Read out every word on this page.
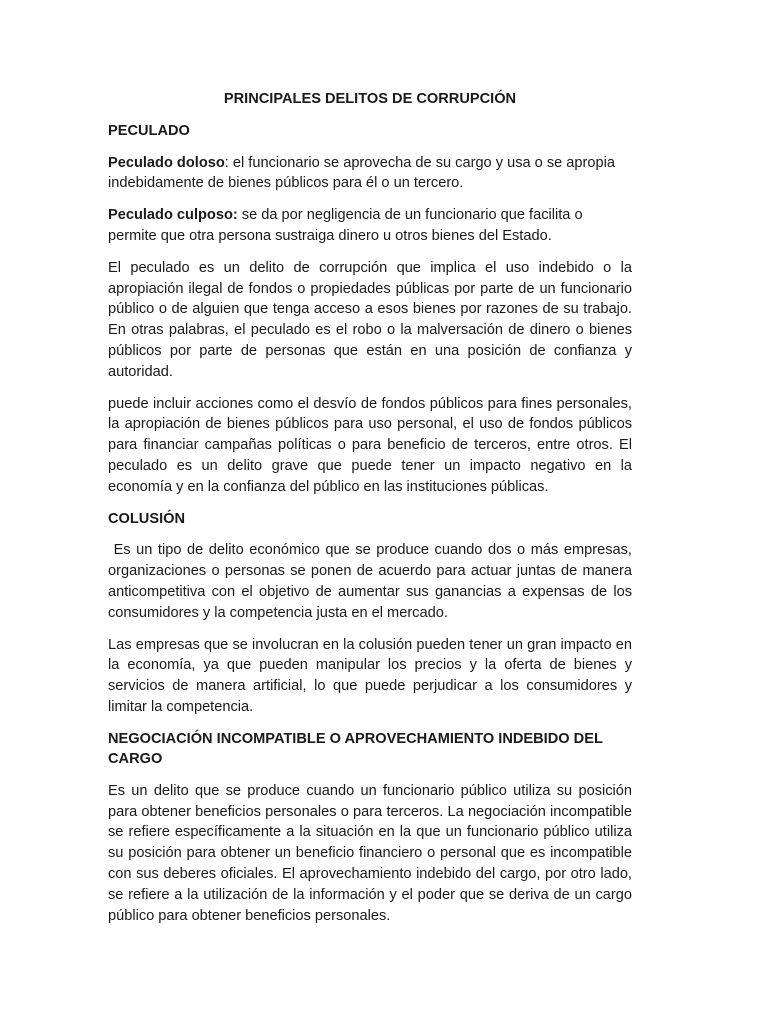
PRINCIPALES DELITOS DE CORRUPCIÓN
PECULADO

Peculado doloso: el funcionario se aprovecha de su cargo y usa o se apropia indebidamente de bienes públicos para él o un tercero.

Peculado culposo: se da por negligencia de un funcionario que facilita o permite que otra persona sustraiga dinero u otros bienes del Estado.

El peculado es un delito de corrupción que implica el uso indebido o la apropiación ilegal de fondos o propiedades públicas por parte de un funcionario público o de alguien que tenga acceso a esos bienes por razones de su trabajo. En otras palabras, el peculado es el robo o la malversación de dinero o bienes públicos por parte de personas que están en una posición de confianza y autoridad.

puede incluir acciones como el desvío de fondos públicos para fines personales, la apropiación de bienes públicos para uso personal, el uso de fondos públicos para financiar campañas políticas o para beneficio de terceros, entre otros. El peculado es un delito grave que puede tener un impacto negativo en la economía y en la confianza del público en las instituciones públicas.

COLUSIÓN

Es un tipo de delito económico que se produce cuando dos o más empresas, organizaciones o personas se ponen de acuerdo para actuar juntas de manera anticompetitiva con el objetivo de aumentar sus ganancias a expensas de los consumidores y la competencia justa en el mercado.

Las empresas que se involucran en la colusión pueden tener un gran impacto en la economía, ya que pueden manipular los precios y la oferta de bienes y servicios de manera artificial, lo que puede perjudicar a los consumidores y limitar la competencia.

NEGOCIACIÓN INCOMPATIBLE O APROVECHAMIENTO INDEBIDO DEL CARGO

Es un delito que se produce cuando un funcionario público utiliza su posición para obtener beneficios personales o para terceros. La negociación incompatible se refiere específicamente a la situación en la que un funcionario público utiliza su posición para obtener un beneficio financiero o personal que es incompatible con sus deberes oficiales. El aprovechamiento indebido del cargo, por otro lado, se refiere a la utilización de la información y el poder que se deriva de un cargo público para obtener beneficios personales.
